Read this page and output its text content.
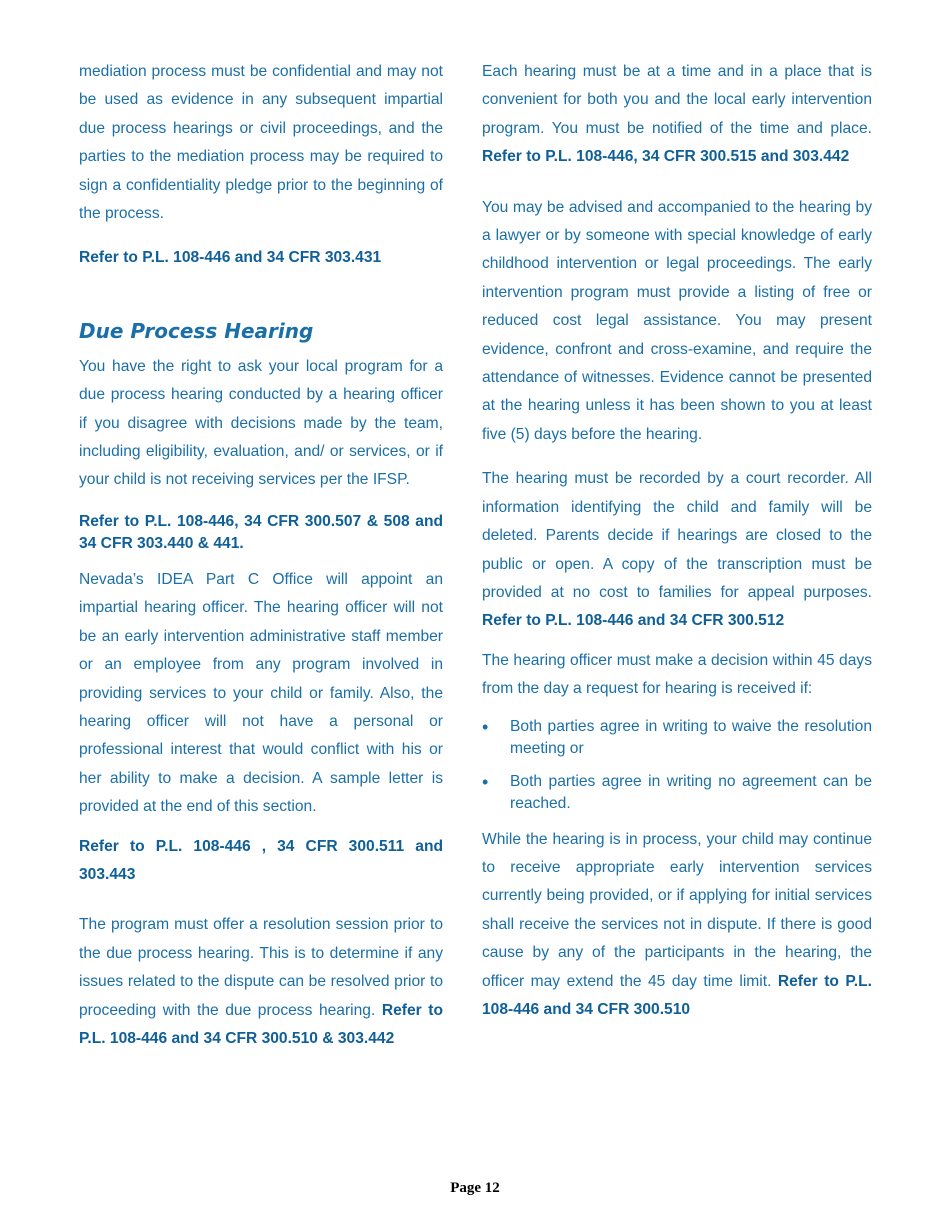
mediation process must be confidential and may not be used as evidence in any subsequent impartial due process hearings or civil proceedings, and the parties to the mediation process may be required to sign a confidentiality pledge prior to the beginning of the process.

Refer to P.L. 108-446 and 34 CFR 303.431

Due Process Hearing

You have the right to ask your local program for a due process hearing conducted by a hearing officer if you disagree with decisions made by the team, including eligibility, evaluation, and/ or services, or if your child is not receiving services per the IFSP.

Refer to P.L. 108-446, 34 CFR 300.507 & 508 and 34 CFR 303.440 & 441.

Nevada’s IDEA Part C Office will appoint an impartial hearing officer. The hearing officer will not be an early intervention administrative staff member or an employee from any program involved in providing services to your child or family. Also, the hearing officer will not have a personal or professional interest that would conflict with his or her ability to make a decision. A sample letter is provided at the end of this section.

Refer to P.L. 108-446 , 34 CFR 300.511 and 303.443

The program must offer a resolution session prior to the due process hearing. This is to determine if any issues related to the dispute can be resolved prior to proceeding with the due process hearing. Refer to P.L. 108-446 and 34 CFR 300.510 & 303.442

Each hearing must be at a time and in a place that is convenient for both you and the local early intervention program. You must be notified of the time and place. Refer to P.L. 108-446, 34 CFR 300.515 and 303.442

You may be advised and accompanied to the hearing by a lawyer or by someone with special knowledge of early childhood intervention or legal proceedings. The early intervention program must provide a listing of free or reduced cost legal assistance. You may present evidence, confront and cross-examine, and require the attendance of witnesses. Evidence cannot be presented at the hearing unless it has been shown to you at least five (5) days before the hearing.

The hearing must be recorded by a court recorder. All information identifying the child and family will be deleted. Parents decide if hearings are closed to the public or open. A copy of the transcription must be provided at no cost to families for appeal purposes. Refer to P.L. 108-446 and 34 CFR 300.512

The hearing officer must make a decision within 45 days from the day a request for hearing is received if:

• Both parties agree in writing to waive the resolution meeting or
• Both parties agree in writing no agreement can be reached.

While the hearing is in process, your child may continue to receive appropriate early intervention services currently being provided, or if applying for initial services shall receive the services not in dispute. If there is good cause by any of the participants in the hearing, the officer may extend the 45 day time limit. Refer to P.L. 108-446 and 34 CFR 300.510

Page 12
